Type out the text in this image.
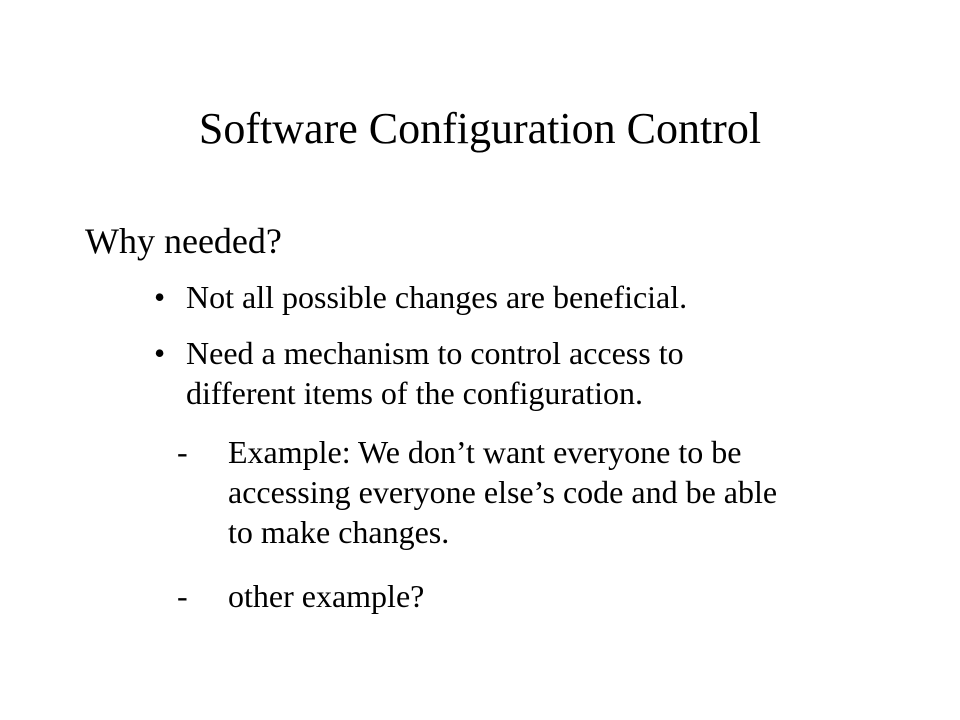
Software Configuration Control
Why needed?
• Not all possible changes are beneficial.
• Need a mechanism to control access to
different items of the configuration.
- Example: We don’t want everyone to be
accessing everyone else’s code and be able
to make changes.
- other example?
